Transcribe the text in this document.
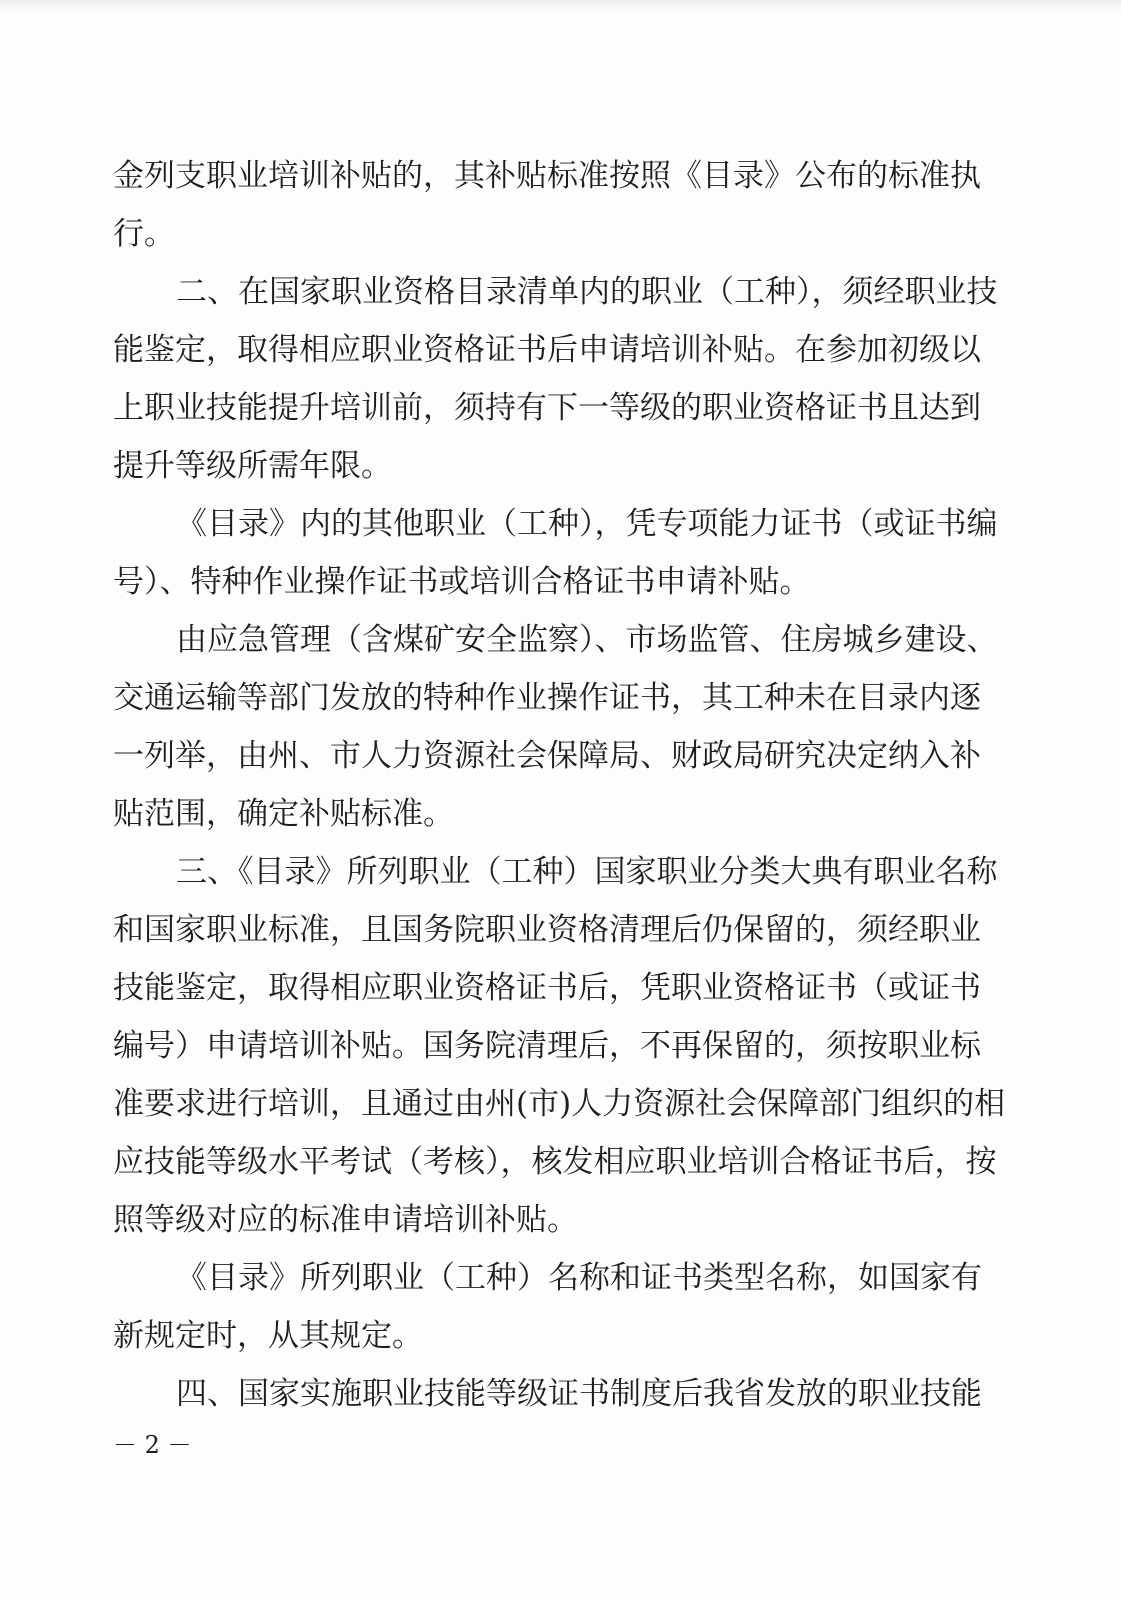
金列支职业培训补贴的，其补贴标准按照《目录》公布的标准执
行。
二、在国家职业资格目录清单内的职业（工种），须经职业技
能鉴定，取得相应职业资格证书后申请培训补贴。在参加初级以
上职业技能提升培训前，须持有下一等级的职业资格证书且达到
提升等级所需年限。
《目录》内的其他职业（工种），凭专项能力证书（或证书编
号）、特种作业操作证书或培训合格证书申请补贴。
由应急管理（含煤矿安全监察）、市场监管、住房城乡建设、
交通运输等部门发放的特种作业操作证书，其工种未在目录内逐
一列举，由州、市人力资源社会保障局、财政局研究决定纳入补
贴范围，确定补贴标准。
三、《目录》所列职业（工种）国家职业分类大典有职业名称
和国家职业标准，且国务院职业资格清理后仍保留的，须经职业
技能鉴定，取得相应职业资格证书后，凭职业资格证书（或证书
编号）申请培训补贴。国务院清理后，不再保留的，须按职业标
准要求进行培训，且通过由州(市)人力资源社会保障部门组织的相
应技能等级水平考试（考核），核发相应职业培训合格证书后，按
照等级对应的标准申请培训补贴。
《目录》所列职业（工种）名称和证书类型名称，如国家有
新规定时，从其规定。
四、国家实施职业技能等级证书制度后我省发放的职业技能
－ 2 －
